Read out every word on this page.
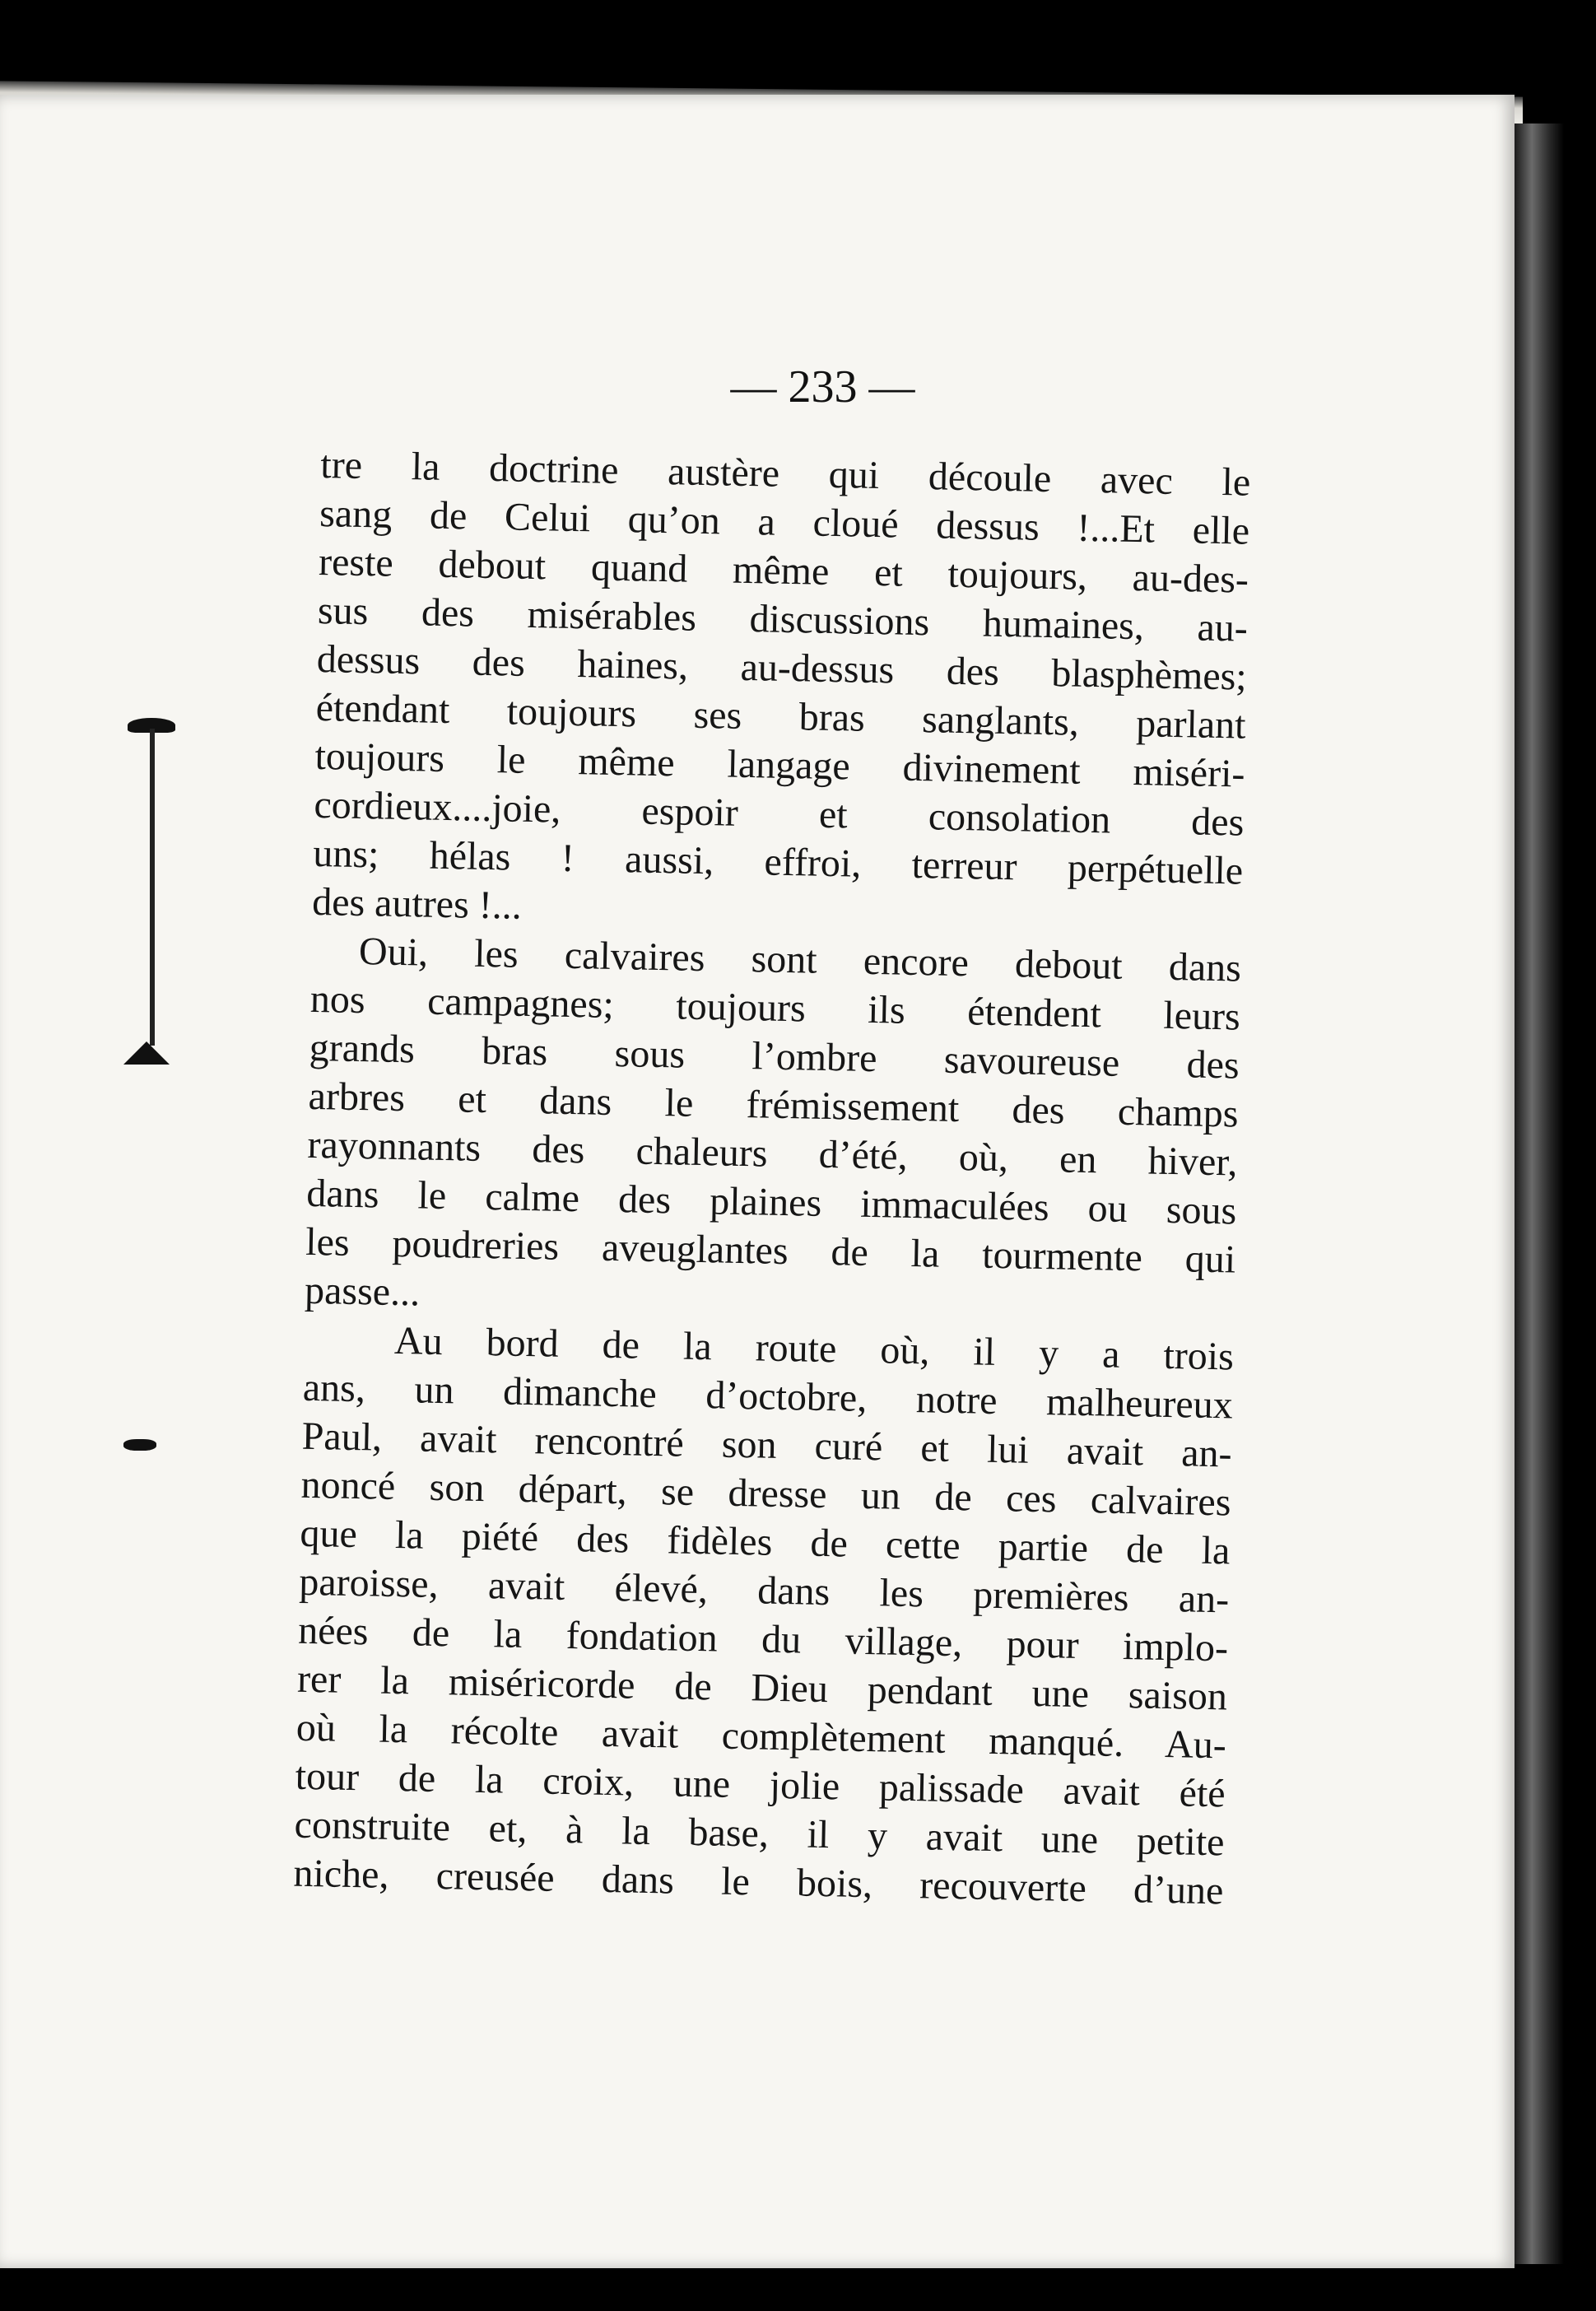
— 233 —
tre la doctrine austère qui découle avec le
sang de Celui qu’on a cloué dessus !...Et elle
reste debout quand même et toujours, au-des-
sus des misérables discussions humaines, au-
dessus des haines, au-dessus des blasphèmes;
étendant toujours ses bras sanglants, parlant
toujours le même langage divinement miséri-
cordieux....joie, espoir et consolation des
uns; hélas ! aussi, effroi, terreur perpétuelle
des autres !...
Oui, les calvaires sont encore debout dans
nos campagnes; toujours ils étendent leurs
grands bras sous l’ombre savoureuse des
arbres et dans le frémissement des champs
rayonnants des chaleurs d’été, où, en hiver,
dans le calme des plaines immaculées ou sous
les poudreries aveuglantes de la tourmente qui
passe...
Au bord de la route où, il y a trois
ans, un dimanche d’octobre, notre malheureux
Paul, avait rencontré son curé et lui avait an-
noncé son départ, se dresse un de ces calvaires
que la piété des fidèles de cette partie de la
paroisse, avait élevé, dans les premières an-
nées de la fondation du village, pour implo-
rer la miséricorde de Dieu pendant une saison
où la récolte avait complètement manqué. Au-
tour de la croix, une jolie palissade avait été
construite et, à la base, il y avait une petite
niche, creusée dans le bois, recouverte d’une
